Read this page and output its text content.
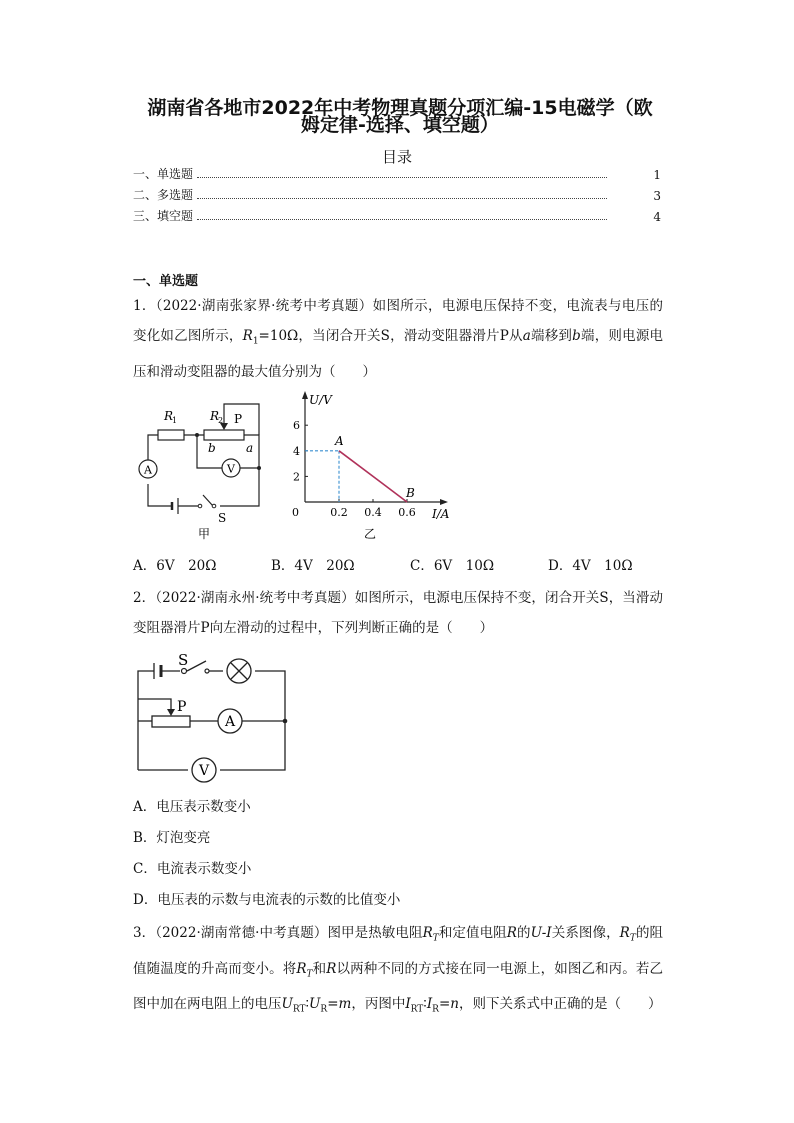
湖南省各地市2022年中考物理真题分项汇编-15电磁学（欧
姆定律-选择、填空题）
目录
一、单选题	1
二、多选题	3
三、填空题	4
一、单选题
1．（2022·湖南张家界·统考中考真题）如图所示，电源电压保持不变，电流表与电压的变化如乙图所示，$R_1=10\Omega$，当闭合开关S，滑动变阻器滑片P从a端移到b端，则电源电压和滑动变阻器的最大值分别为（　　）
A	V
R
1	R
2 P
b	a
S
甲
0.2 0.4 0.6
2
4
6
0
U/V
I/A
A
B
乙
A．6V　20Ω	B．4V　20Ω	C．6V　10Ω	D．4V　10Ω
2．（2022·湖南永州·统考中考真题）如图所示，电源电压保持不变，闭合开关S，当滑动变阻器滑片P向左滑动的过程中，下列判断正确的是（　　）
A
V
S
P
A．电压表示数变小
B．灯泡变亮
C．电流表示数变小
D．电压表的示数与电流表的示数的比值变小
3．（2022·湖南常德·中考真题）图甲是热敏电阻$R_T$和定值电阻R的U-I关系图像，$R_T$的阻值随温度的升高而变小。将$R_T$和R以两种不同的方式接在同一电源上，如图乙和丙。若乙图中加在两电阻上的电压$U_{RT}∶U_R=m$，丙图中$I_{RT}∶I_R=n$，则下关系式中正确的是（　　）
